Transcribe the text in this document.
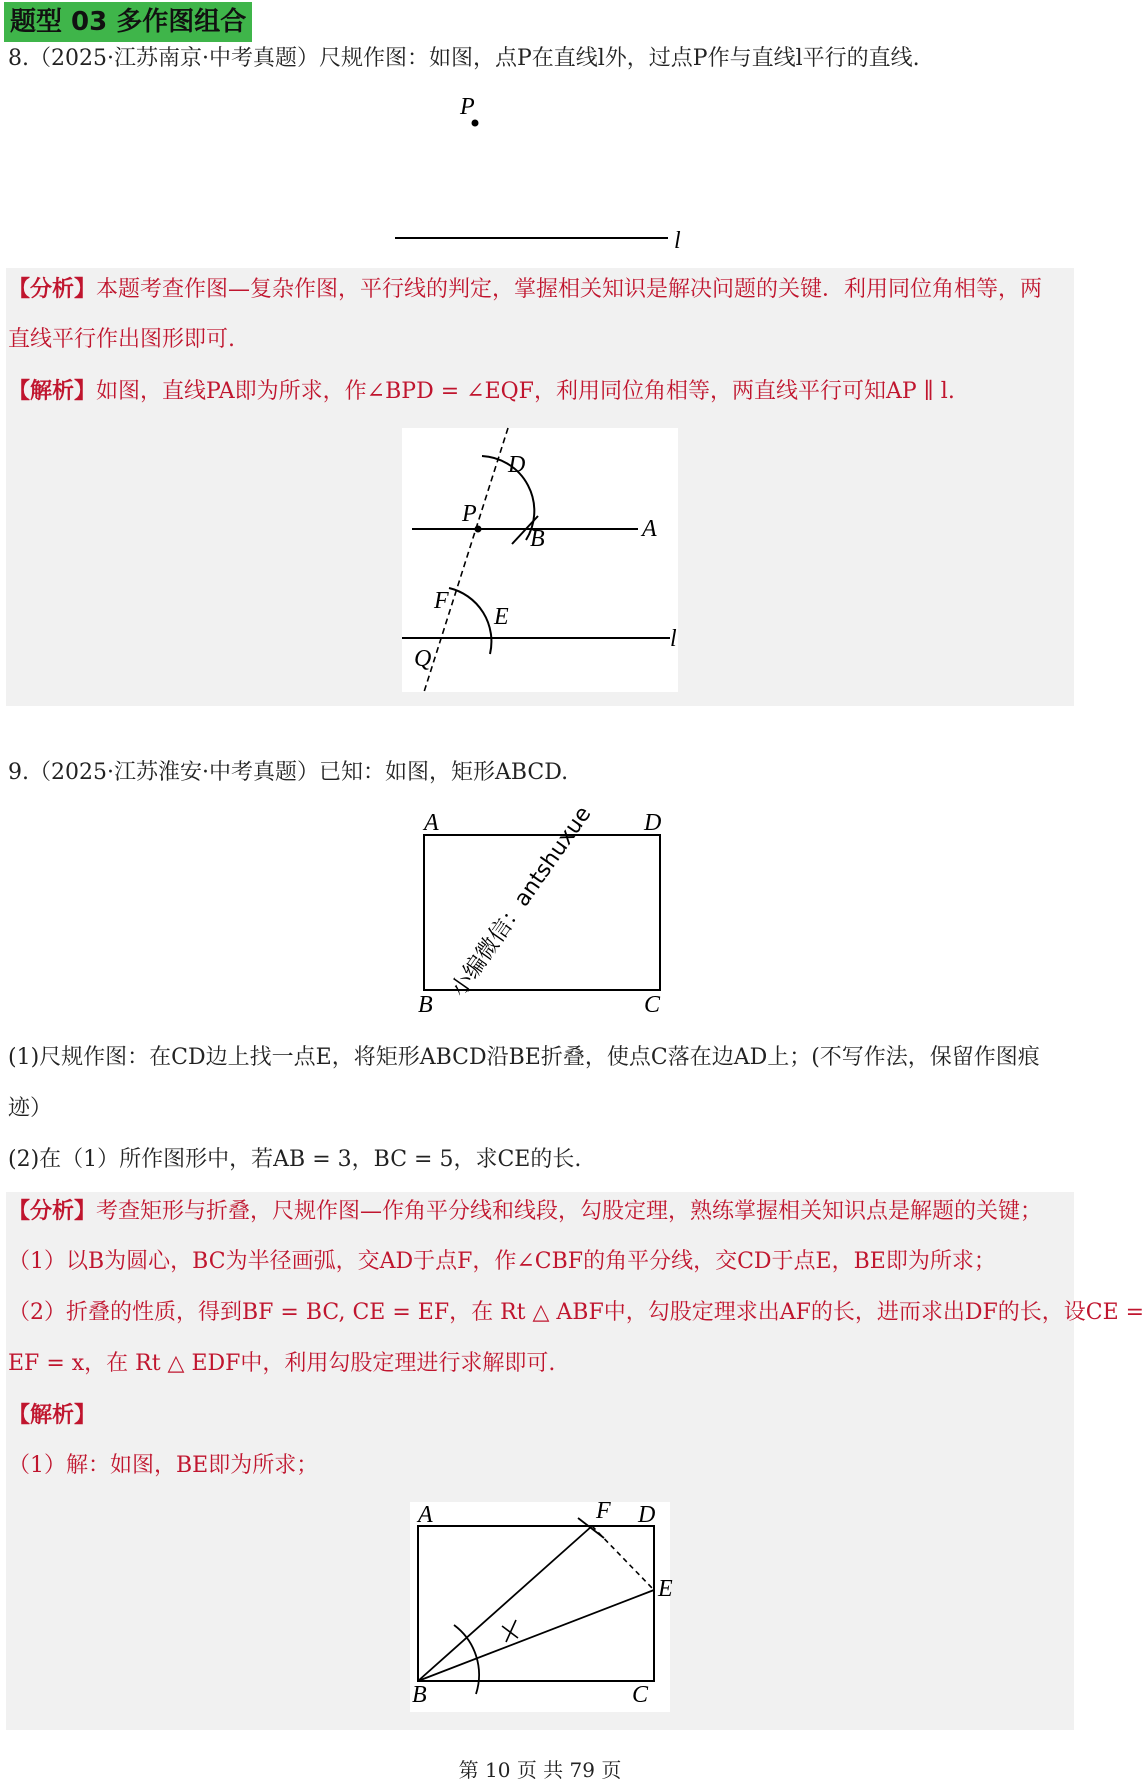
题型 03 多作图组合
8.（2025·江苏南京·中考真题）尺规作图：如图，点P在直线l外，过点P作与直线l平行的直线.
P
l
【分析】本题考查作图—复杂作图，平行线的判定，掌握相关知识是解决问题的关键．利用同位角相等，两
直线平行作出图形即可.
【解析】如图，直线PA即为所求，作∠BPD = ∠EQF，利用同位角相等，两直线平行可知AP ∥ l.
D
P
B	A
F
E
Q
l
9.（2025·江苏淮安·中考真题）已知：如图，矩形ABCD.
A	D
B	C
小编微信：antshuxue
(1)尺规作图：在CD边上找一点E，将矩形ABCD沿BE折叠，使点C落在边AD上；(不写作法，保留作图痕
迹）
(2)在（1）所作图形中，若AB = 3，BC = 5，求CE的长.
【分析】考查矩形与折叠，尺规作图—作角平分线和线段，勾股定理，熟练掌握相关知识点是解题的关键；
（1）以B为圆心，BC为半径画弧，交AD于点F，作∠CBF的角平分线，交CD于点E，BE即为所求；
（2）折叠的性质，得到BF = BC, CE = EF，在 Rt △ ABF中，勾股定理求出AF的长，进而求出DF的长，设CE =
EF = x，在 Rt △ EDF中，利用勾股定理进行求解即可.
【解析】
（1）解：如图，BE即为所求；
A	F D
E
B	C
第 10 页 共 79 页
